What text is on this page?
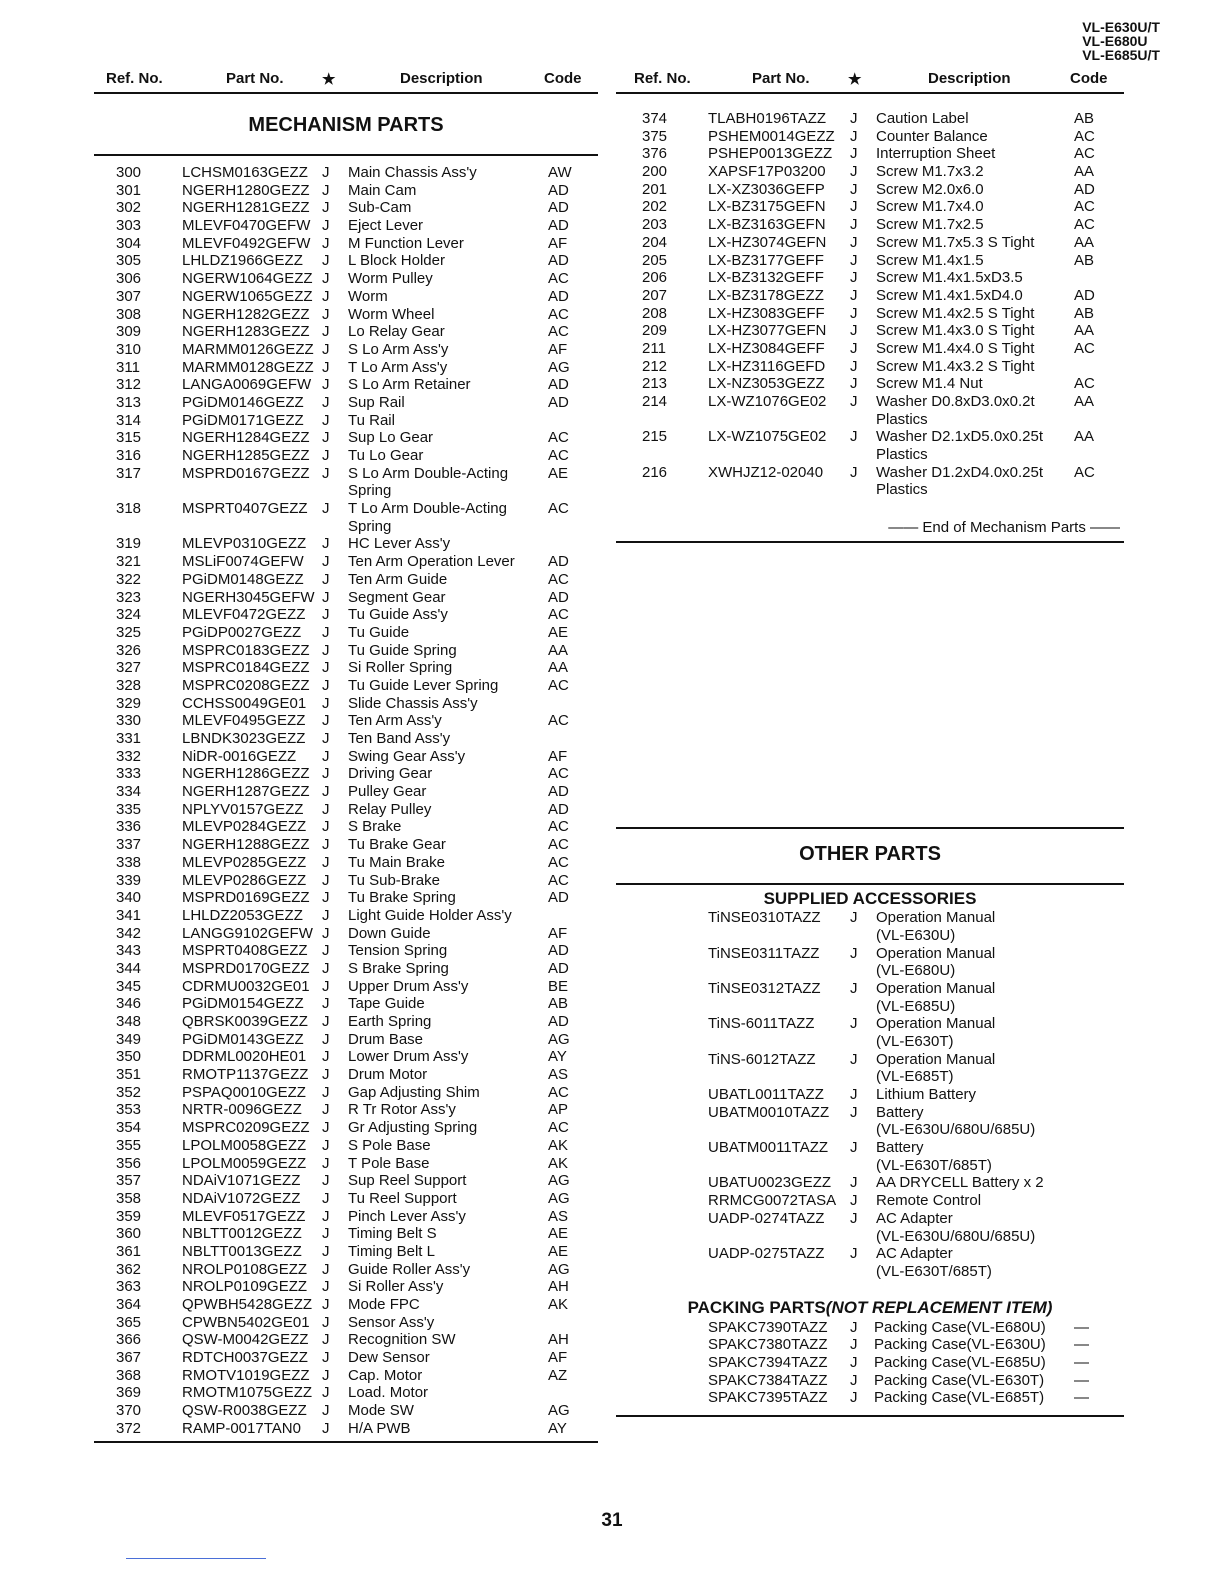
VL-E630U/T
VL-E680U
VL-E685U/T
Ref. No.	Part No.	★	Description	Code
MECHANISM PARTS
300	LCHSM0163GEZZ J Main Chassis Ass'y	AW
301	NGERH1280GEZZ J Main Cam	AD
302	NGERH1281GEZZ J Sub-Cam	AD
303	MLEVF0470GEFW J Eject Lever	AD
304	MLEVF0492GEFW J M Function Lever	AF
305	LHLDZ1966GEZZ J L Block Holder	AD
306	NGERW1064GEZZ J Worm Pulley	AC
307	NGERW1065GEZZ J Worm	AD
308	NGERH1282GEZZ J Worm Wheel	AC
309	NGERH1283GEZZ J Lo Relay Gear	AC
310	MARMM0126GEZZ J S Lo Arm Ass'y	AF
311	MARMM0128GEZZ J T Lo Arm Ass'y	AG
312	LANGA0069GEFW J S Lo Arm Retainer	AD
313	PGiDM0146GEZZ J Sup Rail	AD
314	PGiDM0171GEZZ J Tu Rail
315	NGERH1284GEZZ J Sup Lo Gear	AC
316	NGERH1285GEZZ J Tu Lo Gear	AC
317	MSPRD0167GEZZ J S Lo Arm Double-Acting	AE
Spring
318	MSPRT0407GEZZ J T Lo Arm Double-Acting	AC
Spring
319	MLEVP0310GEZZ J HC Lever Ass'y
321	MSLiF0074GEFW J Ten Arm Operation Lever AD
322	PGiDM0148GEZZ J Ten Arm Guide	AC
323	NGERH3045GEFW J Segment Gear	AD
324	MLEVF0472GEZZ J Tu Guide Ass'y	AC
325	PGiDP0027GEZZ J Tu Guide	AE
326	MSPRC0183GEZZ J Tu Guide Spring	AA
327	MSPRC0184GEZZ J Si Roller Spring	AA
328	MSPRC0208GEZZ J Tu Guide Lever Spring	AC
329	CCHSS0049GE01 J Slide Chassis Ass'y
330	MLEVF0495GEZZ J Ten Arm Ass'y	AC
331	LBNDK3023GEZZ J Ten Band Ass'y
332	NiDR-0016GEZZ J Swing Gear Ass'y	AF
333	NGERH1286GEZZ J Driving Gear	AC
334	NGERH1287GEZZ J Pulley Gear	AD
335	NPLYV0157GEZZ J Relay Pulley	AD
336	MLEVP0284GEZZ J S Brake	AC
337	NGERH1288GEZZ J Tu Brake Gear	AC
338	MLEVP0285GEZZ J Tu Main Brake	AC
339	MLEVP0286GEZZ J Tu Sub-Brake	AC
340	MSPRD0169GEZZ J Tu Brake Spring	AD
341	LHLDZ2053GEZZ J Light Guide Holder Ass'y
342	LANGG9102GEFW J Down Guide	AF
343	MSPRT0408GEZZ J Tension Spring	AD
344	MSPRD0170GEZZ J S Brake Spring	AD
345	CDRMU0032GE01 J Upper Drum Ass'y	BE
346	PGiDM0154GEZZ J Tape Guide	AB
348	QBRSK0039GEZZ J Earth Spring	AD
349	PGiDM0143GEZZ J Drum Base	AG
350	DDRML0020HE01 J Lower Drum Ass'y	AY
351	RMOTP1137GEZZ J Drum Motor	AS
352	PSPAQ0010GEZZ J Gap Adjusting Shim	AC
353	NRTR-0096GEZZ J R Tr Rotor Ass'y	AP
354	MSPRC0209GEZZ J Gr Adjusting Spring	AC
355	LPOLM0058GEZZ J S Pole Base	AK
356	LPOLM0059GEZZ J T Pole Base	AK
357	NDAiV1071GEZZ J Sup Reel Support	AG
358	NDAiV1072GEZZ J Tu Reel Support	AG
359	MLEVF0517GEZZ J Pinch Lever Ass'y	AS
360	NBLTT0012GEZZ J Timing Belt S	AE
361	NBLTT0013GEZZ J Timing Belt L	AE
362	NROLP0108GEZZ J Guide Roller Ass'y	AG
363	NROLP0109GEZZ J Si Roller Ass'y	AH
364	QPWBH5428GEZZ J Mode FPC	AK
365	CPWBN5402GE01 J Sensor Ass'y
366	QSW-M0042GEZZ J Recognition SW	AH
367	RDTCH0037GEZZ J Dew Sensor	AF
368	RMOTV1019GEZZ J Cap. Motor	AZ
369	RMOTM1075GEZZ J Load. Motor
370	QSW-R0038GEZZ J Mode SW	AG
372	RAMP-0017TAN0 J H/A PWB	AY
Ref. No.	Part No.	★	Description	Code
374	TLABH0196TAZZ J Caution Label	AB
375	PSHEM0014GEZZ J Counter Balance	AC
376	PSHEP0013GEZZ J Interruption Sheet	AC
200	XAPSF17P03200 J Screw M1.7x3.2	AA
201	LX-XZ3036GEFP J Screw M2.0x6.0	AD
202	LX-BZ3175GEFN J Screw M1.7x4.0	AC
203	LX-BZ3163GEFN J Screw M1.7x2.5	AC
204	LX-HZ3074GEFN J Screw M1.7x5.3 S Tight	AA
205	LX-BZ3177GEFF J Screw M1.4x1.5	AB
206	LX-BZ3132GEFF J Screw M1.4x1.5xD3.5
207	LX-BZ3178GEZZ J Screw M1.4x1.5xD4.0	AD
208	LX-HZ3083GEFF J Screw M1.4x2.5 S Tight	AB
209	LX-HZ3077GEFN J Screw M1.4x3.0 S Tight	AA
211	LX-HZ3084GEFF J Screw M1.4x4.0 S Tight	AC
212	LX-HZ3116GEFD J Screw M1.4x3.2 S Tight
213	LX-NZ3053GEZZ J Screw M1.4 Nut	AC
214	LX-WZ1076GE02 J Washer D0.8xD3.0x0.2t	AA
Plastics
215	LX-WZ1075GE02 J Washer D2.1xD5.0x0.25t AA
Plastics
216	XWHJZ12-02040 J Washer D1.2xD4.0x0.25t AC
Plastics
—— End of Mechanism Parts ——
OTHER PARTS
SUPPLIED ACCESSORIES
TiNSE0310TAZZ J Operation Manual
(VL-E630U)
TiNSE0311TAZZ J Operation Manual
(VL-E680U)
TiNSE0312TAZZ J Operation Manual
(VL-E685U)
TiNS-6011TAZZ J Operation Manual
(VL-E630T)
TiNS-6012TAZZ J Operation Manual
(VL-E685T)
UBATL0011TAZZ J Lithium Battery
UBATM0010TAZZ J Battery
(VL-E630U/680U/685U)
UBATM0011TAZZ J Battery
(VL-E630T/685T)
UBATU0023GEZZ J AA DRYCELL Battery x 2
RRMCG0072TASA J Remote Control
UADP-0274TAZZ J AC Adapter
(VL-E630U/680U/685U)
UADP-0275TAZZ J AC Adapter
(VL-E630T/685T)
PACKING PARTS(NOT REPLACEMENT ITEM)
SPAKC7390TAZZ J Packing Case(VL-E680U) —
SPAKC7380TAZZ J Packing Case(VL-E630U) —
SPAKC7394TAZZ J Packing Case(VL-E685U) —
SPAKC7384TAZZ J Packing Case(VL-E630T) —
SPAKC7395TAZZ J Packing Case(VL-E685T) —
31
